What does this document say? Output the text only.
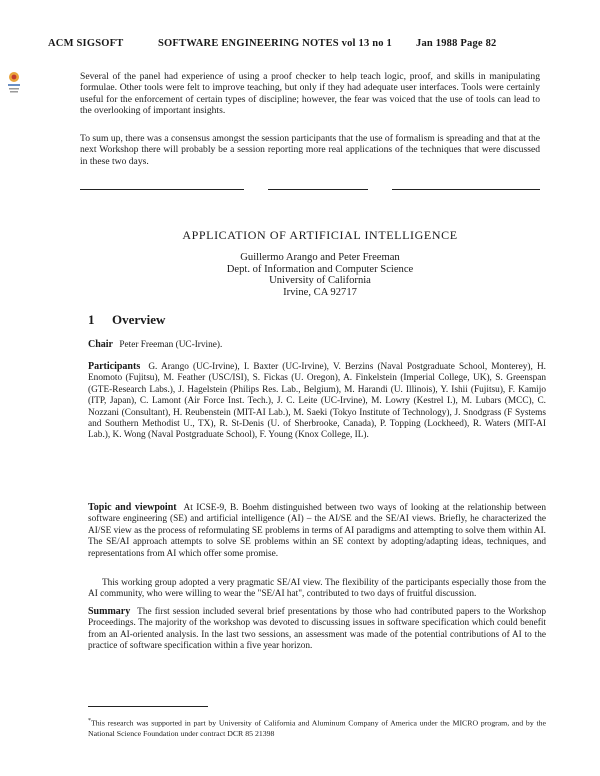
ACM SIGSOFT	SOFTWARE ENGINEERING NOTES vol 13 no 1 Jan 1988 Page 82

Several of the panel had experience of using a proof checker to help teach logic, proof, and skills in manipulating formulae. Other tools were felt to improve teaching, but only if they had adequate user interfaces. Tools were certainly useful for the enforcement of certain types of discipline; however, the fear was voiced that the use of tools can lead to the overlooking of important insights.

To sum up, there was a consensus amongst the session participants that the use of formalism is spreading and that at the next Workshop there will probably be a session reporting more real applications of the techniques that were discussed in these two days.

APPLICATION OF ARTIFICIAL INTELLIGENCE
Guillermo Arango and Peter Freeman
Dept. of Information and Computer Science
University of California
Irvine, CA 92717
1 Overview

Chair Peter Freeman (UC-Irvine).

Participants G. Arango (UC-Irvine), I. Baxter (UC-Irvine), V. Berzins (Naval Postgraduate School, Monterey), H. Enomoto (Fujitsu), M. Feather (USC/ISI), S. Fickas (U. Oregon), A. Finkelstein (Imperial College, UK), S. Greenspan (GTE-Research Labs.), J. Hagelstein (Philips Res. Lab., Belgium), M. Harandi (U. Illinois), Y. Ishii (Fujitsu), F. Kamijo (ITP, Japan), C. Lamont (Air Force Inst. Tech.), J. C. Leite (UC-Irvine), M. Lowry (Kestrel I.), M. Lubars (MCC), C. Nozzani (Consultant), H. Reubenstein (MIT-AI Lab.), M. Saeki (Tokyo Institute of Technology), J. Snodgrass (F Systems and Southern Methodist U., TX), R. St-Denis (U. of Sherbrooke, Canada), P. Topping (Lockheed), R. Waters (MIT-AI Lab.), K. Wong (Naval Postgraduate School), F. Young (Knox College, IL).

Topic and viewpoint At ICSE-9, B. Boehm distinguished between two ways of looking at the relationship between software engineering (SE) and artificial intelligence (AI) – the AI/SE and the SE/AI views. Briefly, he characterized the AI/SE view as the process of reformulating SE problems in terms of AI paradigms and attempting to solve them within AI. The SE/AI approach attempts to solve SE problems within an SE context by adopting/adapting ideas, techniques, and representations from AI which offer some promise.

This working group adopted a very pragmatic SE/AI view. The flexibility of the participants especially those from the AI community, who were willing to wear the "SE/AI hat", contributed to two days of fruitful discussion.

Summary The first session included several brief presentations by those who had contributed papers to the Workshop Proceedings. The majority of the workshop was devoted to discussing issues in software specification which could benefit from an AI-oriented analysis. In the last two sessions, an assessment was made of the potential contributions of AI to the practice of software specification within a five year horizon.

*This research was supported in part by University of California and Aluminum Company of America under the MICRO program, and by the National Science Foundation under contract DCR 85 21398
